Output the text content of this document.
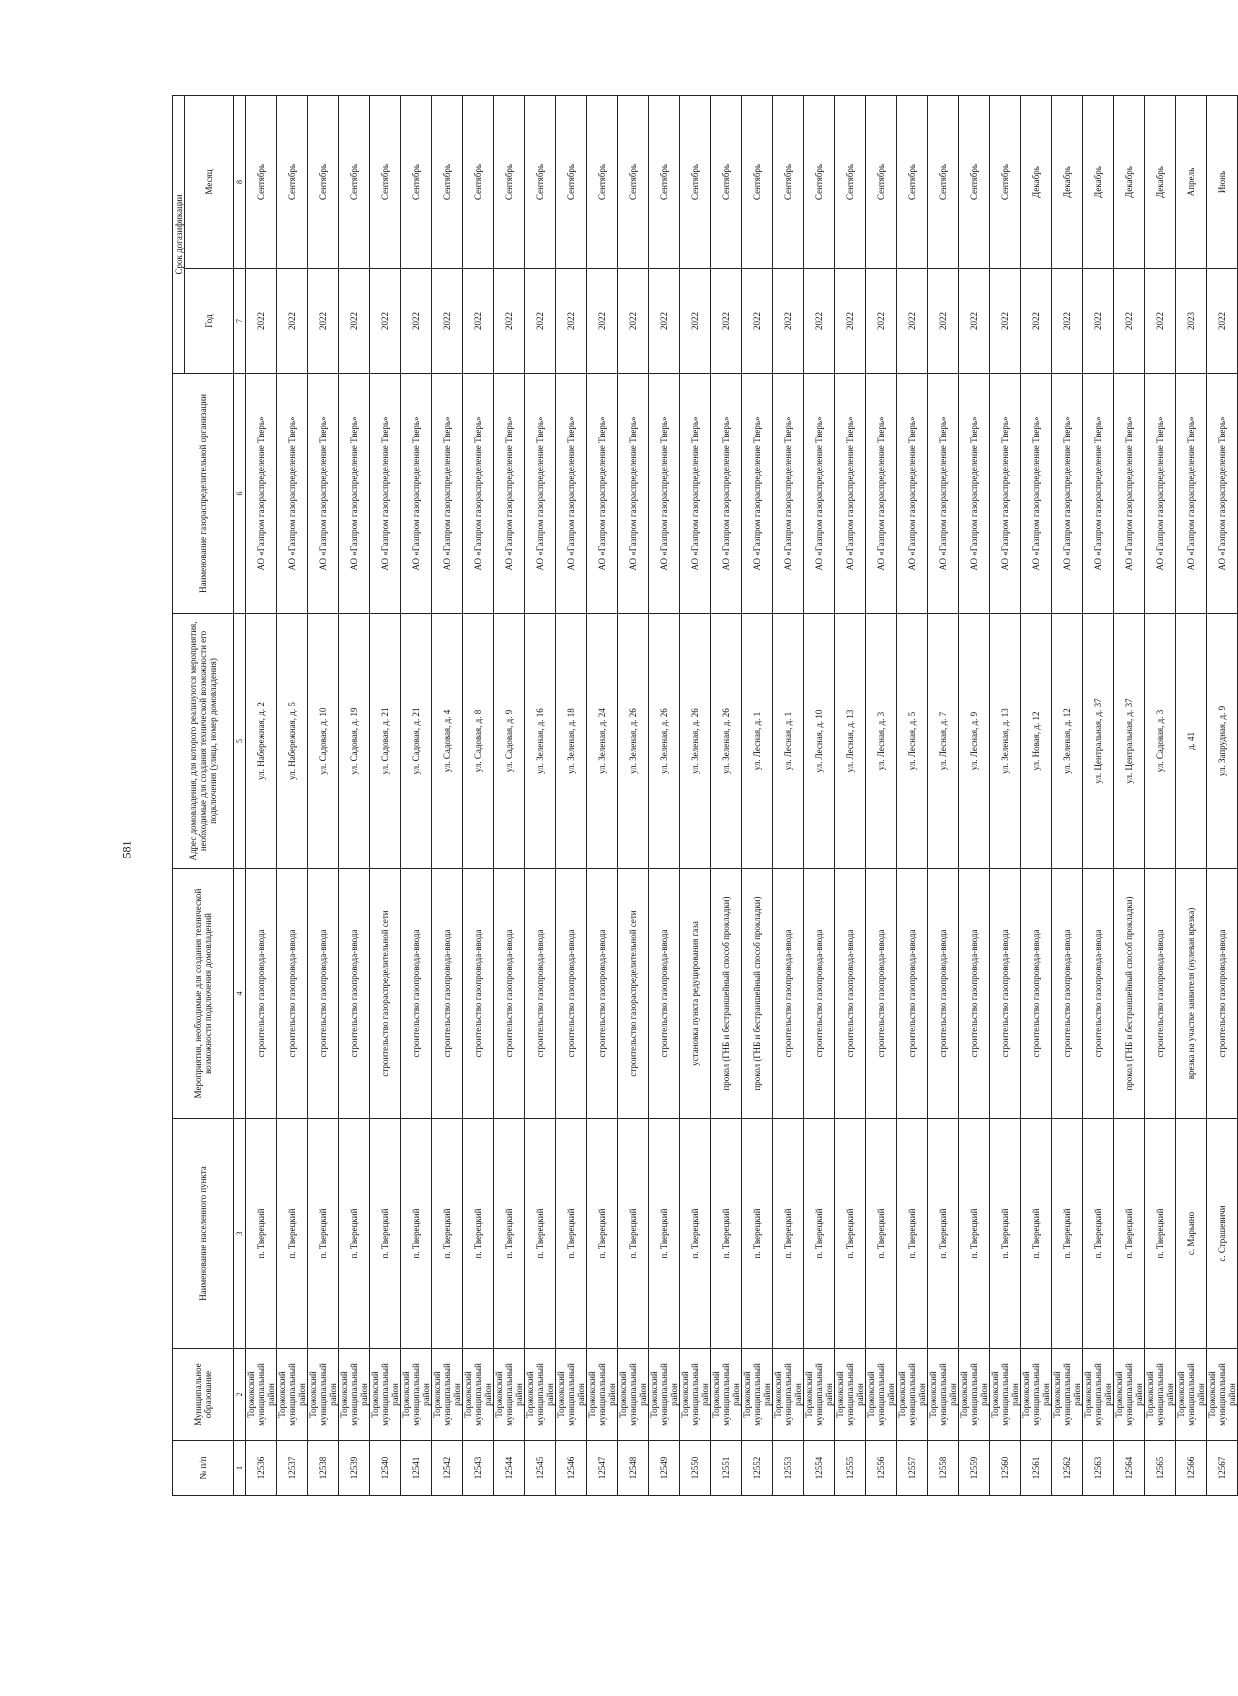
581
№ п/п	Муниципальное образование	Наименование населенного пункта	Мероприятия, необходимые для создания технической возможности подключения домовладений	Адрес домовладения, для которого реализуются мероприятия, необходимые для создания технической возможности его подключения (улица, номер домовладения)	Наименование газораспределительной организации	Срок догазификации	
						Год	Месяц
1	2	3	4	5	6	7	8
12536	Торжокский муниципальный район	п. Тверецкий	строительство газопровода-ввода	ул. Набережная, д. 2	АО «Газпром газораспределение Тверь»	2022	Сентябрь
12537	Торжокский муниципальный район	п. Тверецкий	строительство газопровода-ввода	ул. Набережная, д. 5	АО «Газпром газораспределение Тверь»	2022	Сентябрь
12538	Торжокский муниципальный район	п. Тверецкий	строительство газопровода-ввода	ул. Садовая, д. 10	АО «Газпром газораспределение Тверь»	2022	Сентябрь
12539	Торжокский муниципальный район	п. Тверецкий	строительство газопровода-ввода	ул. Садовая, д. 19	АО «Газпром газораспределение Тверь»	2022	Сентябрь
12540	Торжокский муниципальный район	п. Тверецкий	строительство газораспределительной сети	ул. Садовая, д. 21	АО «Газпром газораспределение Тверь»	2022	Сентябрь
12541	Торжокский муниципальный район	п. Тверецкий	строительство газопровода-ввода	ул. Садовая, д. 21	АО «Газпром газораспределение Тверь»	2022	Сентябрь
12542	Торжокский муниципальный район	п. Тверецкий	строительство газопровода-ввода	ул. Садовая, д. 4	АО «Газпром газораспределение Тверь»	2022	Сентябрь
12543	Торжокский муниципальный район	п. Тверецкий	строительство газопровода-ввода	ул. Садовая, д. 8	АО «Газпром газораспределение Тверь»	2022	Сентябрь
12544	Торжокский муниципальный район	п. Тверецкий	строительство газопровода-ввода	ул. Садовая, д. 9	АО «Газпром газораспределение Тверь»	2022	Сентябрь
12545	Торжокский муниципальный район	п. Тверецкий	строительство газопровода-ввода	ул. Зеленая, д. 16	АО «Газпром газораспределение Тверь»	2022	Сентябрь
12546	Торжокский муниципальный район	п. Тверецкий	строительство газопровода-ввода	ул. Зеленая, д. 18	АО «Газпром газораспределение Тверь»	2022	Сентябрь
12547	Торжокский муниципальный район	п. Тверецкий	строительство газопровода-ввода	ул. Зеленая, д. 24	АО «Газпром газораспределение Тверь»	2022	Сентябрь
12548	Торжокский муниципальный район	п. Тверецкий	строительство газораспределительной сети	ул. Зеленая, д. 26	АО «Газпром газораспределение Тверь»	2022	Сентябрь
12549	Торжокский муниципальный район	п. Тверецкий	строительство газопровода-ввода	ул. Зеленая, д. 26	АО «Газпром газораспределение Тверь»	2022	Сентябрь
12550	Торжокский муниципальный район	п. Тверецкий	установка пункта редуцирования газа	ул. Зеленая, д. 26	АО «Газпром газораспределение Тверь»	2022	Сентябрь
12551	Торжокский муниципальный район	п. Тверецкий	прокол (ГНБ и бестраншейный способ прокладки)	ул. Зеленая, д. 26	АО «Газпром газораспределение Тверь»	2022	Сентябрь
12552	Торжокский муниципальный район	п. Тверецкий	прокол (ГНБ и бестраншейный способ прокладки)	ул. Лесная, д. 1	АО «Газпром газораспределение Тверь»	2022	Сентябрь
12553	Торжокский муниципальный район	п. Тверецкий	строительство газопровода-ввода	ул. Лесная, д. 1	АО «Газпром газораспределение Тверь»	2022	Сентябрь
12554	Торжокский муниципальный район	п. Тверецкий	строительство газопровода-ввода	ул. Лесная, д. 10	АО «Газпром газораспределение Тверь»	2022	Сентябрь
12555	Торжокский муниципальный район	п. Тверецкий	строительство газопровода-ввода	ул. Лесная, д. 13	АО «Газпром газораспределение Тверь»	2022	Сентябрь
12556	Торжокский муниципальный район	п. Тверецкий	строительство газопровода-ввода	ул. Лесная, д. 3	АО «Газпром газораспределение Тверь»	2022	Сентябрь
12557	Торжокский муниципальный район	п. Тверецкий	строительство газопровода-ввода	ул. Лесная, д. 5	АО «Газпром газораспределение Тверь»	2022	Сентябрь
12558	Торжокский муниципальный район	п. Тверецкий	строительство газопровода-ввода	ул. Лесная, д. 7	АО «Газпром газораспределение Тверь»	2022	Сентябрь
12559	Торжокский муниципальный район	п. Тверецкий	строительство газопровода-ввода	ул. Лесная, д. 9	АО «Газпром газораспределение Тверь»	2022	Сентябрь
12560	Торжокский муниципальный район	п. Тверецкий	строительство газопровода-ввода	ул. Зеленая, д. 13	АО «Газпром газораспределение Тверь»	2022	Сентябрь
12561	Торжокский муниципальный район	п. Тверецкий	строительство газопровода-ввода	ул. Новая, д. 12	АО «Газпром газораспределение Тверь»	2022	Декабрь
12562	Торжокский муниципальный район	п. Тверецкий	строительство газопровода-ввода	ул. Зеленая, д. 12	АО «Газпром газораспределение Тверь»	2022	Декабрь
12563	Торжокский муниципальный район	п. Тверецкий	строительство газопровода-ввода	ул. Центральная, д. 37	АО «Газпром газораспределение Тверь»	2022	Декабрь
12564	Торжокский муниципальный район	п. Тверецкий	прокол (ГНБ и бестраншейный способ прокладки)	ул. Центральная, д. 37	АО «Газпром газораспределение Тверь»	2022	Декабрь
12565	Торжокский муниципальный район	п. Тверецкий	строительство газопровода-ввода	ул. Садовая, д. 3	АО «Газпром газораспределение Тверь»	2022	Декабрь
12566	Торжокский муниципальный район	с. Марьино	врезка на участке заявителя (нулевая врезка)	д. 41	АО «Газпром газораспределение Тверь»	2023	Апрель
12567	Торжокский муниципальный район	с. Страшевичи	строительство газопровода-ввода	ул. Запрудная, д. 9	АО «Газпром газораспределение Тверь»	2022	Июнь
